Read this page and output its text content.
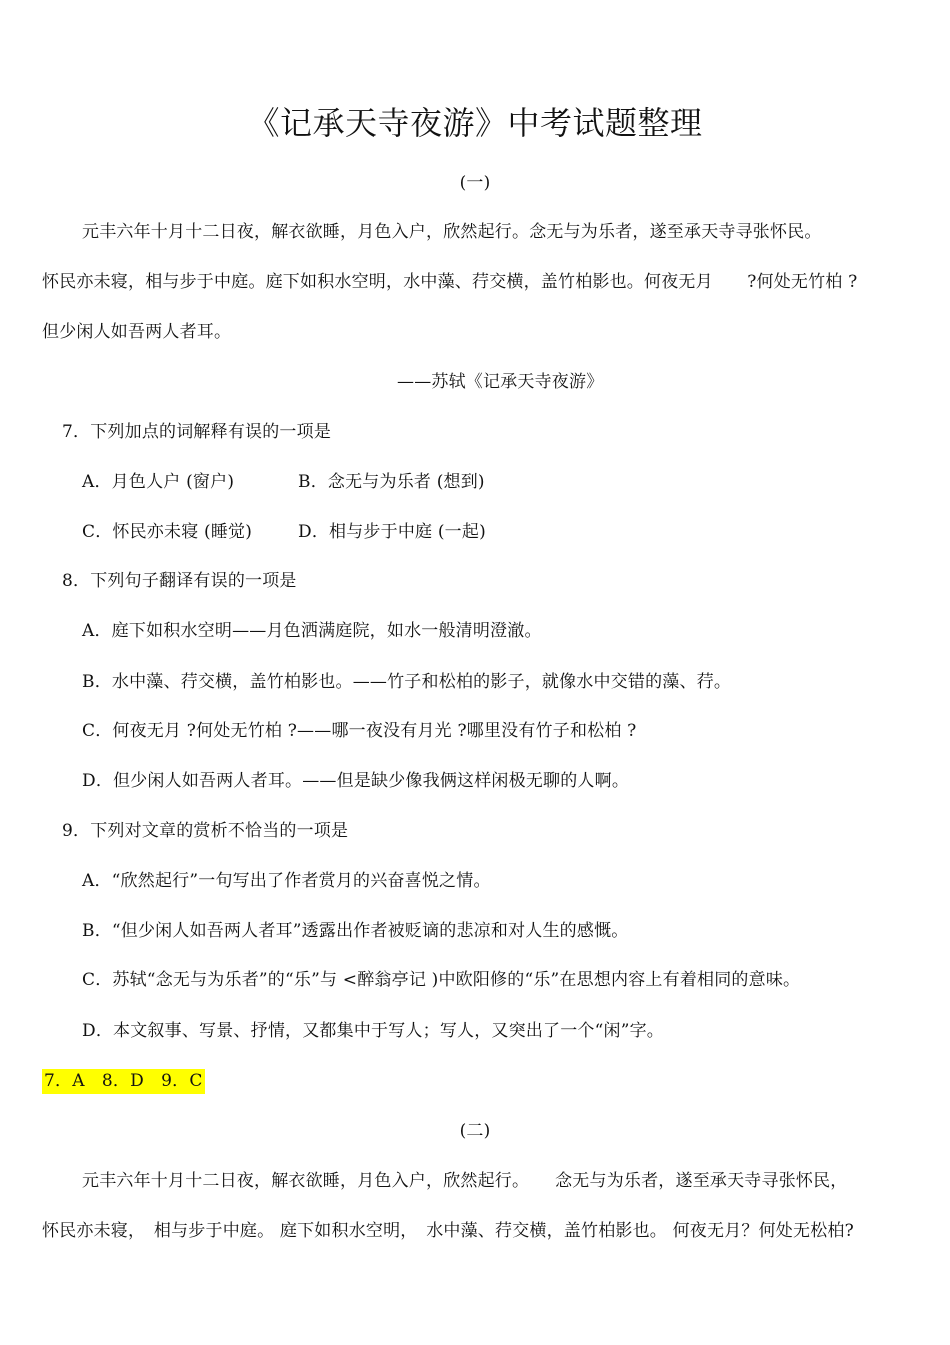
《记承天寺夜游》中考试题整理
(一)
元丰六年十月十二日夜，解衣欲睡，月色入户，欣然起行。念无与为乐者，遂至承天寺寻张怀民。
怀民亦未寝，相与步于中庭。庭下如积水空明，水中藻、荇交横，盖竹柏影也。何夜无月　　?何处无竹柏 ?
但少闲人如吾两人者耳。
——苏轼《记承天寺夜游》
7．下列加点的词解释有误的一项是
A．月色人户 (窗户)	B．念无与为乐者 (想到)
C．怀民亦未寝 (睡觉)	D．相与步于中庭 (一起)
8．下列句子翻译有误的一项是
A．庭下如积水空明——月色洒满庭院，如水一般清明澄澈。
B．水中藻、荇交横，盖竹柏影也。——竹子和松柏的影子，就像水中交错的藻、荇。
C．何夜无月 ?何处无竹柏 ?——哪一夜没有月光 ?哪里没有竹子和松柏 ?
D．但少闲人如吾两人者耳。——但是缺少像我俩这样闲极无聊的人啊。
9．下列对文章的赏析不恰当的一项是
A．“欣然起行”一句写出了作者赏月的兴奋喜悦之情。
B．“但少闲人如吾两人者耳”透露出作者被贬谪的悲凉和对人生的感慨。
C．苏轼“念无与为乐者”的“乐”与 <醉翁亭记 )中欧阳修的“乐”在思想内容上有着相同的意味。
D．本文叙事、写景、抒情，又都集中于写人；写人，又突出了一个“闲”字。
7．A　8．D　9．C
(二)
元丰六年十月十二日夜，解衣欲睡，月色入户，欣然起行。　　念无与为乐者，遂至承天寺寻张怀民，
怀民亦未寝，　相与步于中庭。 庭下如积水空明，　水中藻、荇交横，盖竹柏影也。 何夜无月？何处无松柏?
